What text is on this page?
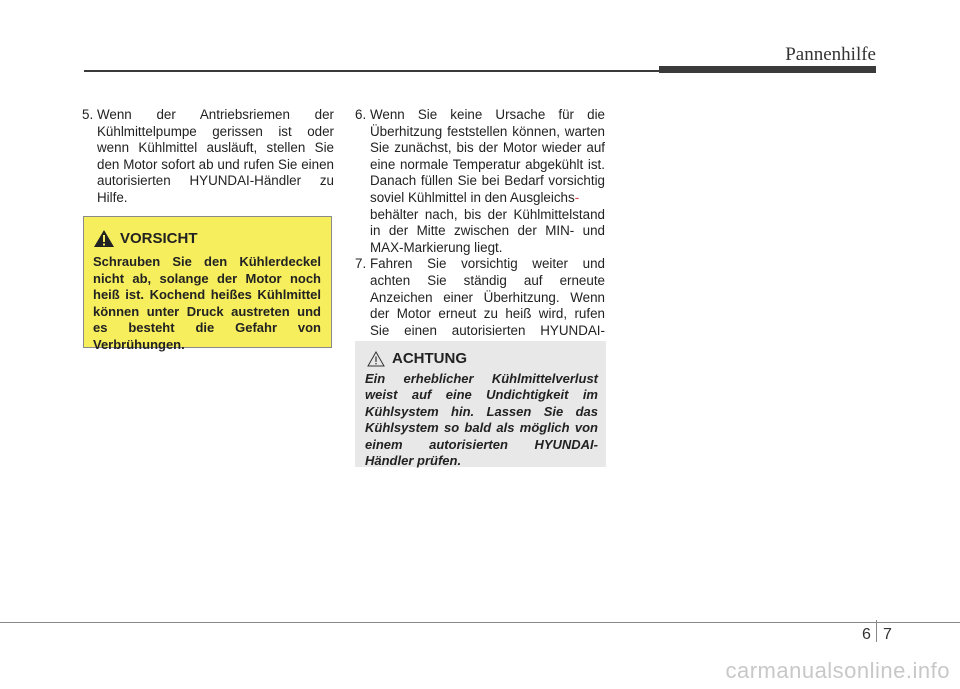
Pannenhilfe
5. Wenn der Antriebsriemen der Kühlmittelpumpe gerissen ist oder wenn Kühlmittel ausläuft, stellen Sie den Motor sofort ab und rufen Sie einen autorisierten HYUNDAI-Händler zu Hilfe.
VORSICHT
Schrauben Sie den Kühlerdeckel nicht ab, solange der Motor noch heiß ist. Kochend heißes Kühlmittel können unter Druck austreten und es besteht die Gefahr von Verbrühungen.
6. Wenn Sie keine Ursache für die Überhitzung feststellen können, warten Sie zunächst, bis der Motor wieder auf eine normale Temperatur abgekühlt ist. Danach füllen Sie bei Bedarf vorsichtig soviel Kühlmittel in den Ausgleichs-
behälter nach, bis der Kühlmittelstand in der Mitte zwischen der MIN- und MAX-Markierung liegt.
7. Fahren Sie vorsichtig weiter und achten Sie ständig auf erneute Anzeichen einer Überhitzung. Wenn der Motor erneut zu heiß wird, rufen Sie einen autorisierten HYUNDAI-
ACHTUNG
Ein erheblicher Kühlmittelverlust weist auf eine Undichtigkeit im Kühlsystem hin. Lassen Sie das Kühlsystem so bald als möglich von einem autorisierten HYUNDAI-Händler prüfen.
6 7
carmanualsonline.info
